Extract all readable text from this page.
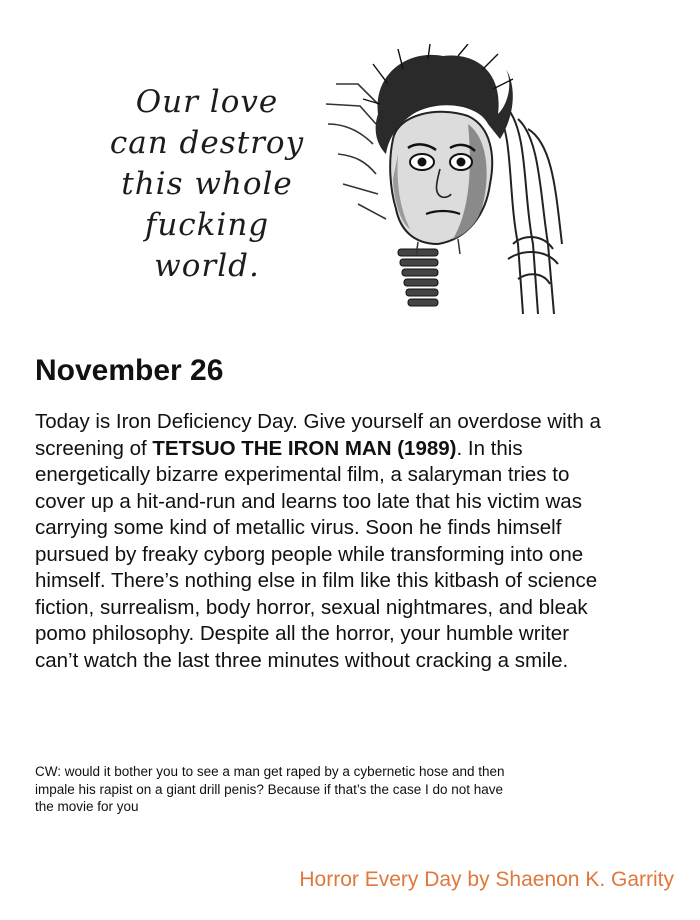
Our love
can destroy
this whole
fucking world.
November 26

Today is Iron Deficiency Day. Give yourself an overdose with a screening of TETSUO THE IRON MAN (1989). In this energetically bizarre experimental film, a salaryman tries to cover up a hit-and-run and learns too late that his victim was carrying some kind of metallic virus. Soon he finds himself pursued by freaky cyborg people while transforming into one himself. There’s nothing else in film like this kitbash of science fiction, surrealism, body horror, sexual nightmares, and bleak pomo philosophy. Despite all the horror, your humble writer can’t watch the last three minutes without cracking a smile.

CW: would it bother you to see a man get raped by a cybernetic hose and then impale his rapist on a giant drill penis? Because if that’s the case I do not have the movie for you

Horror Every Day by Shaenon K. Garrity
